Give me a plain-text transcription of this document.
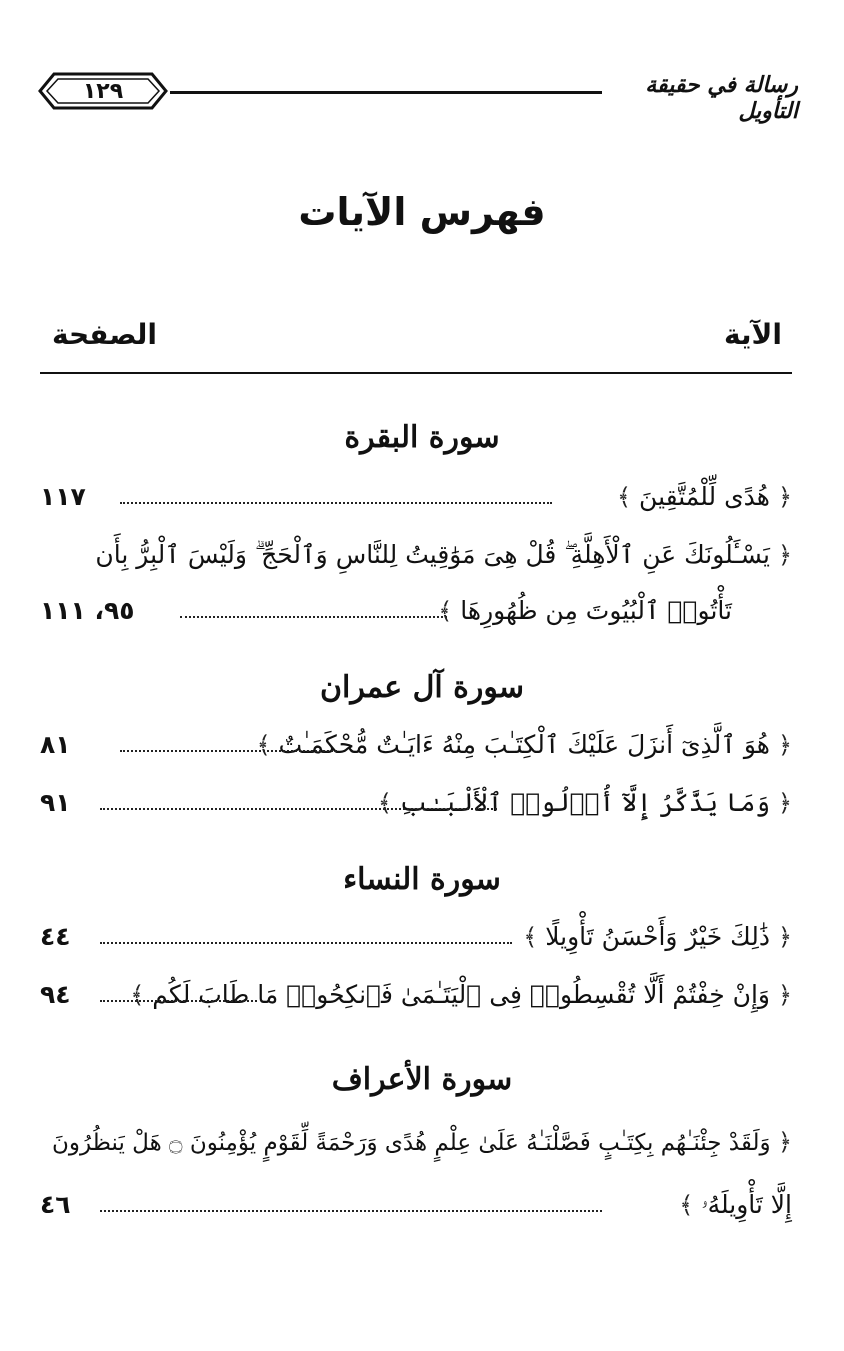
١٢٩	رسالة في حقيقة التأويل
فهرس الآيات
الآية
الصفحة
سورة البقرة
﴿ هُدًى لِّلْمُتَّقِينَ ﴾
١١٧
﴿ يَسْـَٔلُونَكَ عَنِ ٱلْأَهِلَّةِ ۖ قُلْ هِىَ مَوَٰقِيتُ لِلنَّاسِ وَٱلْحَجِّ ۗ وَلَيْسَ ٱلْبِرُّ بِأَن
تَأْتُوا۟ ٱلْبُيُوتَ مِن ظُهُورِهَا ﴾
٩٥، ١١١
سورة آل عمران
﴿ هُوَ ٱلَّذِىٓ أَنزَلَ عَلَيْكَ ٱلْكِتَـٰبَ مِنْهُ ءَايَـٰتٌ مُّحْكَمَـٰتٌ ﴾
٨١
﴿ وَمَا يَذَّكَّرُ إِلَّآ أُو۟لُوا۟ ٱلْأَلْبَـٰبِ ﴾
٩١
سورة النساء
﴿ ذَٰلِكَ خَيْرٌ وَأَحْسَنُ تَأْوِيلًا ﴾
٤٤
﴿ وَإِنْ خِفْتُمْ أَلَّا تُقْسِطُوا۟ فِى ٱلْيَتَـٰمَىٰ فَٱنكِحُوا۟ مَا طَابَ لَكُم ﴾
٩٤
سورة الأعراف
﴿ وَلَقَدْ جِئْنَـٰهُم بِكِتَـٰبٍ فَصَّلْنَـٰهُ عَلَىٰ عِلْمٍ هُدًى وَرَحْمَةً لِّقَوْمٍ يُؤْمِنُونَ ۝ هَلْ يَنظُرُونَ
إِلَّا تَأْوِيلَهُۥ ﴾
٤٦
